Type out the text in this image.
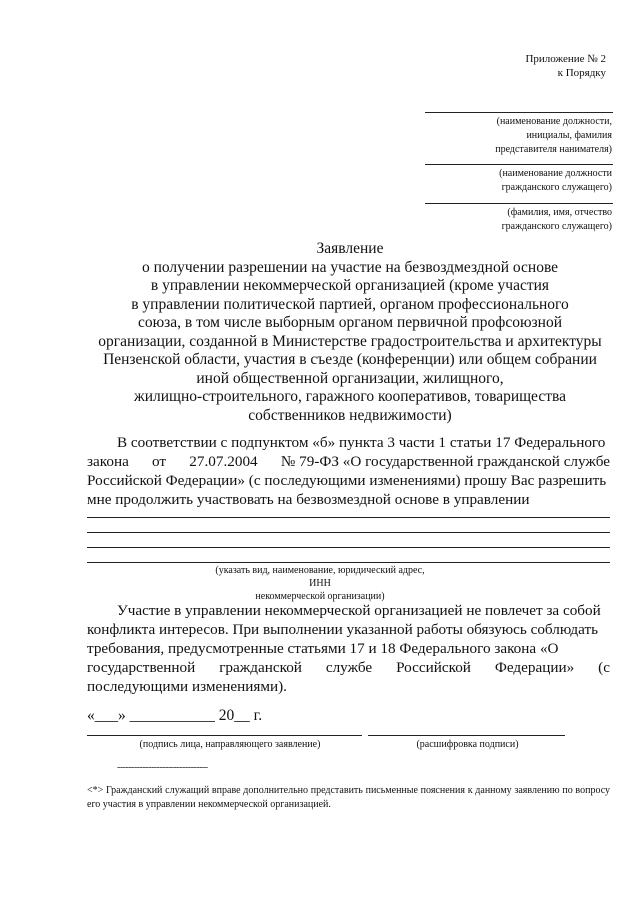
Приложение № 2
к Порядку
(наименование должности,
инициалы, фамилия
представителя нанимателя)
(наименование должности
гражданского служащего)
(фамилия, имя, отчество
гражданского служащего)
Заявление
о получении разрешении на участие на безвоздмездной основе
в управлении некоммерческой организацией (кроме участия
в управлении политической партией, органом профессионального
союза, в том числе выборным органом первичной профсоюзной
организации, созданной в Министерстве градостроительства и архитектуры
Пензенской области, участия в съезде (конференции) или общем собрании
иной общественной организации, жилищного,
жилищно-строительного, гаражного кооперативов, товарищества
собственников недвижимости)
В соответствии с подпунктом «б» пункта 3 части 1 статьи 17 Федерального
закона от 27.07.2004 № 79-ФЗ «О государственной гражданской службе
Российской Федерации» (с последующими изменениями) прошу Вас разрешить
мне продолжить участвовать на безвозмездной основе в управлении
(указать вид, наименование, юридический адрес, ИНН
некоммерческой организации)
Участие в управлении некоммерческой организацией не повлечет за собой
конфликта интересов. При выполнении указанной работы обязуюсь соблюдать
требования, предусмотренные статьями 17 и 18 Федерального закона «О
государственной гражданской службе Российской Федерации» (с
последующими изменениями).
«___» ___________ 20__ г.
(подпись лица, направляющего заявление)	(расшифровка подписи)
--------------------------------
<*> Гражданский служащий вправе дополнительно представить письменные пояснения к данному заявлению по вопросу его участия в управлении некоммерческой организацией.
